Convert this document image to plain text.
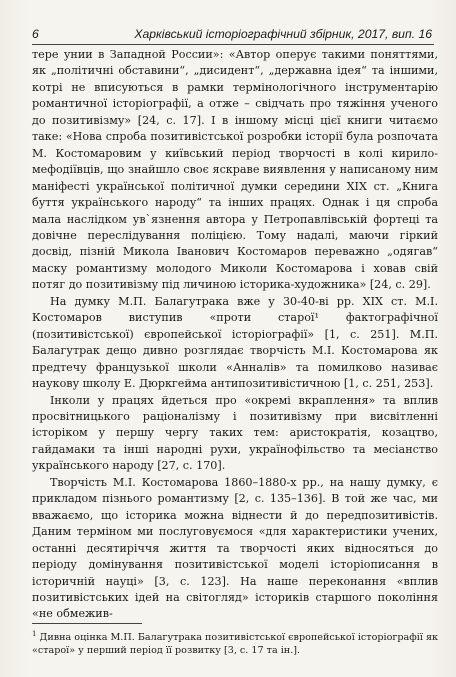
6	Харківський історіографічний збірник, 2017, вип. 16

тере унии в Западной России»: «Автор оперує такими поняттями, як „політичні обставини“, „дисидент“, „державна ідея“ та іншими, котрі не вписуються в рамки термінологічного інструментарію романтичної історіографії, а отже – свідчать про тяжіння ученого до позитивізму» [24, с. 17]. І в іншому місці цієї книги читаємо таке: «Нова спроба позитивістської розробки історії була розпочата М. Костомаровим у київський період творчості в колі кирило-мефодіївців, що знайшло своє яскраве виявлення у написаному ним маніфесті української політичної думки середини XIX ст. „Книга буття українського народу“ та інших працях. Однак і ця спроба мала наслідком ув`язнення автора у Петропавлівській фортеці та довічне переслідування поліцією. Тому надалі, маючи гіркий досвід, пізній Микола Іванович Костомаров переважно „одягав“ маску романтизму молодого Миколи Костомарова і ховав свій потяг до позитивізму під личиною історика-художника» [24, с. 29].

На думку М.П. Балагутрака вже у 30-40-ві рр. XIX ст. М.І. Костомаров виступив «проти старої¹ фактографічної (позитивістської) європейської історіографії» [1, с. 251]. М.П. Балагутрак дещо дивно розглядає творчість М.І. Костомарова як предтечу французької школи «Анналів» та помилково називає наукову школу Е. Дюркгейма антипозитивістичною [1, с. 251, 253].

Інколи у працях йдеться про «окремі вкраплення» та вплив просвітницького раціоналізму і позитивізму при висвітленні історіком у першу чергу таких тем: аристократія, козацтво, гайдамаки та інші народні рухи, українофільство та месіанство українського народу [27, с. 170].

Творчість М.І. Костомарова 1860–1880-х рр., на нашу думку, є прикладом пізнього романтизму [2, с. 135–136]. В той же час, ми вважаємо, що історика можна віднести й до передпозитивістів. Даним терміном ми послуговуємося «для характеристики учених, останні десятиріччя життя та творчості яких відносяться до періоду домінування позитивістської моделі історіописання в історичній науці» [3, с. 123]. На наше переконання «вплив позитивістських ідей на світогляд» істориків старшого покоління «не обмежив-

$^1$ Дивна оцінка М.П. Балагутрака позитивістської європейської історіографії як «старої» у перший період її розвитку [3, с. 17 та ін.].
